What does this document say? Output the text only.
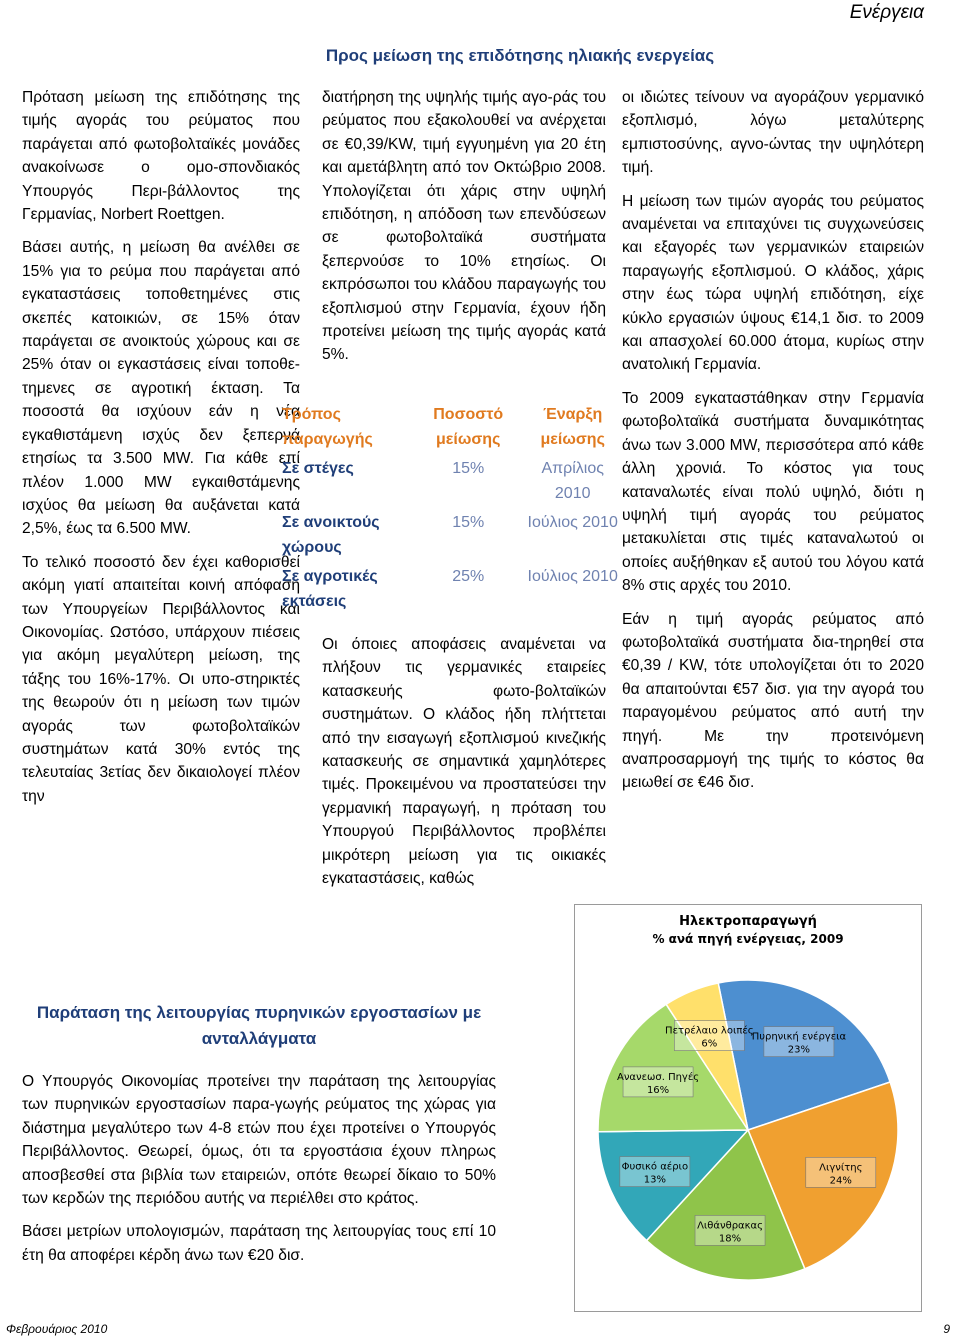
Ενέργεια
Προς μείωση της επιδότησης ηλιακής ενεργείας

Πρόταση μείωση της επιδότησης της τιμής αγοράς του ρεύματος που παράγεται από φωτοβολταϊκές μονάδες ανακοίνωσε ο ομο-σπονδιακός Υπουργός Περι-βάλλοντος της Γερμανίας, Norbert Roettgen.

Βάσει αυτής, η μείωση θα ανέλθει σε 15% για το ρεύμα που παράγεται από εγκαταστάσεις τοποθετημένες στις σκεπές κατοικιών, σε 15% όταν παράγεται σε ανοικτούς χώρους και σε 25% όταν οι εγκαστάσεις είναι τοποθε-τημενες σε αγροτική έκταση. Τα ποσοστά θα ισχύουν εάν η νέα εγκαθιστάμενη ισχύς δεν ξεπερνά ετησίως τα 3.500 MW. Για κάθε επί πλέον 1.000 MW εγκαιθστάμενης ισχύος θα μείωση θα αυξάνεται κατά 2,5%, έως τα 6.500 MW.

Το τελικό ποσοστό δεν έχει καθορισθεί ακόμη γιατί απαιτείται κοινή απόφαση των Υπουργείων Περιβάλλοντος και Οικονομίας. Ωστόσο, υπάρχουν πιέσεις για ακόμη μεγαλύτερη μείωση, της τάξης του 16%-17%. Οι υπο-στηρικτές της θεωρούν ότι η μείωση των τιμών αγοράς των φωτοβολταϊκών συστημάτων κατά 30% εντός της τελευταίας 3ετίας δεν δικαιολογεί πλέον την

διατήρηση της υψηλής τιμής αγο-ράς του ρεύματος που εξακολουθεί να ανέρχεται σε €0,39/KW, τιμή εγγυημένη για 20 έτη και αμετάβλητη από τον Οκτώβριο 2008. Υπολογίζεται ότι χάρις στην υψηλή επιδότηση, η απόδοση των επενδύσεων σε φωτοβολταϊκά συστήματα ξεπερνούσε το 10% ετησίως. Οι εκπρόσωποι του κλάδου παραγωγής του εξοπλισμού στην Γερμανία, έχουν ήδη προτείνει μείωση της τιμής αγοράς κατά 5%.

Τρόπος παραγωγής	Ποσοστό μείωσης	Έναρξη μείωσης
Σε στέγες	15%	Απρίλιος 2010
Σε ανοικτούς χώρους	15%	Ιούλιος 2010
Σε αγροτικές εκτάσεις	25%	Ιούλιος 2010

Οι όποιες αποφάσεις αναμένεται να πλήξουν τις γερμανικές εταιρείες κατασκευής φωτο-βολταϊκών συστημάτων. Ο κλάδος ήδη πλήττεται από την εισαγωγή εξοπλισμού κινεζικής κατασκευής σε σημαντικά χαμηλότερες τιμές. Προκειμένου να προστατεύσει την γερμανική παραγωγή, η πρόταση του Υπουργού Περιβάλλοντος προβλέπει μικρότερη μείωση για τις οικιακές εγκαταστάσεις, καθώς

οι ιδιώτες τείνουν να αγοράζουν γερμανικό εξοπλισμό, λόγω μεταλύτερης εμπιστοσύνης, αγνο-ώντας την υψηλότερη τιμή.

Η μείωση των τιμών αγοράς του ρεύματος αναμένεται να επιταχύνει τις συγχωνεύσεις και εξαγορές των γερμανικών εταιρειών παραγωγής εξοπλισμού. Ο κλάδος, χάρις στην έως τώρα υψηλή επιδότηση, είχε κύκλο εργασιών ύψους €14,1 δισ. το 2009 και απασχολεί 60.000 άτομα, κυρίως στην ανατολική Γερμανία.

Το 2009 εγκαταστάθηκαν στην Γερμανία φωτοβολταϊκά συστήματα δυναμικότητας άνω των 3.000 MW, περισσότερα από κάθε άλλη χρονιά. Το κόστος για τους καταναλωτές είναι πολύ υψηλό, διότι η υψηλή τιμή αγοράς του ρεύματος μετακυλίεται στις τιμές καταναλωτού οι οποίες αυξήθηκαν εξ αυτού του λόγου κατά 8% στις αρχές του 2010.

Εάν η τιμή αγοράς ρεύματος από φωτοβολταϊκά συστήματα δια-τηρηθεί στα €0,39 / KW, τότε υπολογίζεται ότι το 2020 θα απαιτούνται €57 δισ. για την αγορά του παραγομένου ρεύματος από αυτή την πηγή. Με την προτεινόμενη αναπροσαρμογή της τιμής το κόστος θα μειωθεί σε €46 δισ.

Παράταση της λειτουργίας πυρηνικών εργοστασίων με ανταλλάγματα

Ο Υπουργός Οικονομίας προτείνει την παράταση της λειτουργίας των πυρηνικών εργοστασίων παρα-γωγής ρεύματος της χώρας για διάστημα μεγαλύτερο των 4-8 ετών που έχει προτείνει ο Υπουργός Περιβάλλοντος. Θεωρεί, όμως, ότι τα εργοστάσια έχουν πληρως αποσβεσθεί στα βιβλία των εταιρειών, οπότε θεωρεί δίκαιο το 50% των κερδών της περιόδου αυτής να περιέλθει στο κράτος.

Βάσει μετρίων υπολογισμών, παράταση της λειτουργίας τους επί 10 έτη θα αποφέρει κέρδη άνω των €20 δισ.

Ηλεκτροπαραγωγή
% ανά πηγή ενέργειας, 2009
Πυρηνική ενέργεια
23%
Λιγνίτης
24%
Λιθάνθρακας
18%
Φυσικό αέριο
13%
Ανανεωσ. Πηγές
16%
Πετρέλαιο λοιπές
6%
Φεβρουάριος 2010	9
